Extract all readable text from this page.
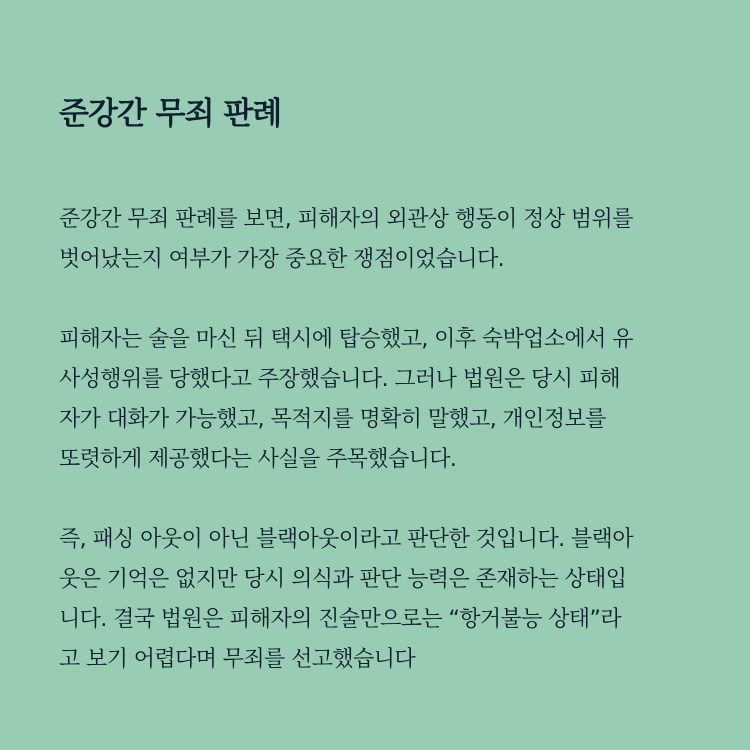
준강간 무죄 판례

준강간 무죄 판례를 보면, 피해자의 외관상 행동이 정상 범위를
벗어났는지 여부가 가장 중요한 쟁점이었습니다.

피해자는 술을 마신 뒤 택시에 탑승했고, 이후 숙박업소에서 유
사성행위를 당했다고 주장했습니다. 그러나 법원은 당시 피해
자가 대화가 가능했고, 목적지를 명확히 말했고, 개인정보를
또렷하게 제공했다는 사실을 주목했습니다.

즉, 패싱 아웃이 아닌 블랙아웃이라고 판단한 것입니다. 블랙아
웃은 기억은 없지만 당시 의식과 판단 능력은 존재하는 상태입
니다. 결국 법원은 피해자의 진술만으로는 “항거불능 상태”라
고 보기 어렵다며 무죄를 선고했습니다
